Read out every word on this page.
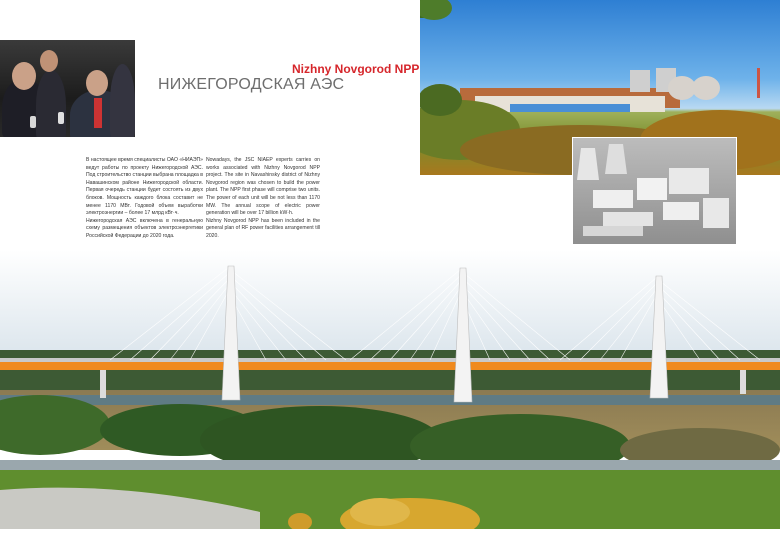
Nizhny Novgorod NPP
НИЖЕГОРОДСКАЯ АЭС

В настоящее время специалисты ОАО «НИАЭП» ведут работы по проекту Нижегородской АЭС. Под строительство станции выбрана площадка в Навашинском районе Нижегородской области. Первая очередь станции будет состоять из двух блоков. Мощность каждого блока составит не менее 1170 МВт. Годовой объем выработки электроэнергии – более 17 млрд кВт·ч.

Нижегородская АЭС включена в генеральную схему размещения объектов электроэнергетики Российской Федерации до 2020 года.

Nowadays, the JSC NIAEP experts carries on works associated with Nizhny Novgorod NPP project. The site in Navashinsky district of Nizhny Novgorod region was chosen to build the power plant. The NPP first phase will comprise two units. The power of each unit will be not less than 1170 MW. The annual scope of electric power generation will be over 17 billion kW·h.

Nizhny Novgorod NPP has been included in the general plan of RF power facilities arrangement till 2020.
